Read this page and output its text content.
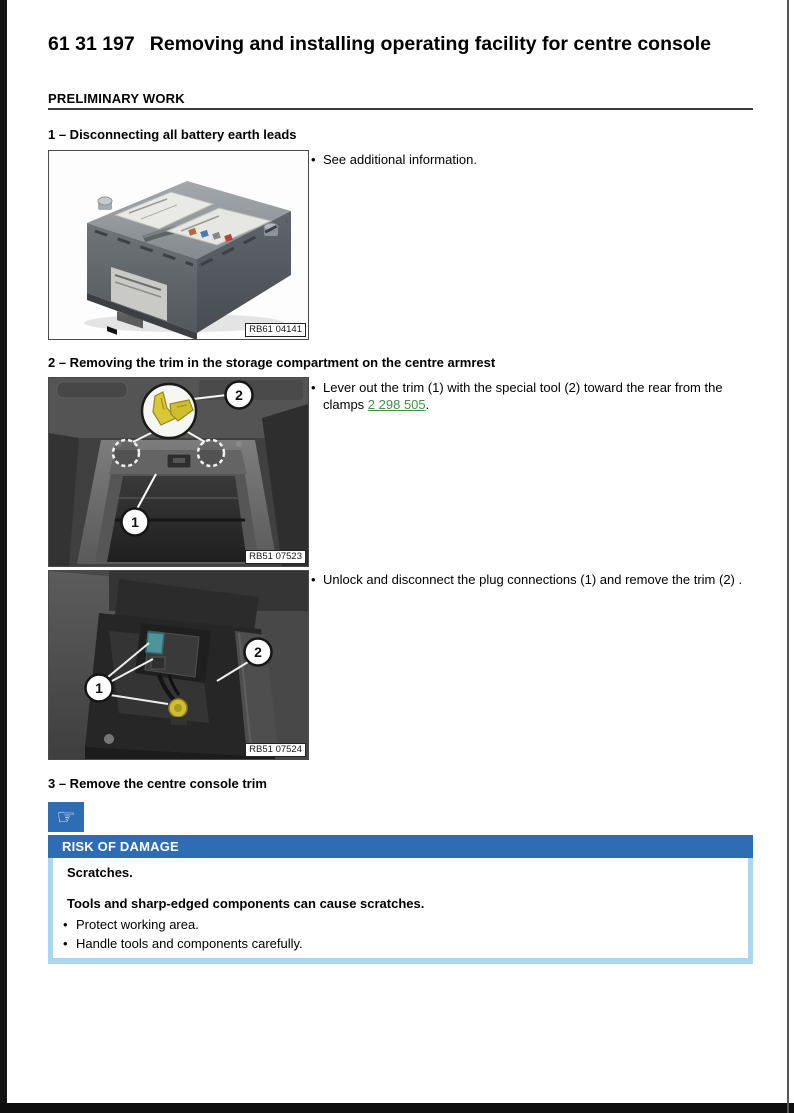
61 31 197 Removing and installing operating facility for centre console
PRELIMINARY WORK
1 – Disconnecting all battery earth leads
RB61 04141
• See additional information.
2 – Removing the trim in the storage compartment on the centre armrest
1
2
RB51 07523
• Lever out the trim (1) with the special tool (2) toward the rear from the clamps 2 298 505.
1
2
RB51 07524
• Unlock and disconnect the plug connections (1) and remove the trim (2) .
3 – Remove the centre console trim
☞
RISK OF DAMAGE
Scratches.
Tools and sharp-edged components can cause scratches.
• Protect working area.
• Handle tools and components carefully.
